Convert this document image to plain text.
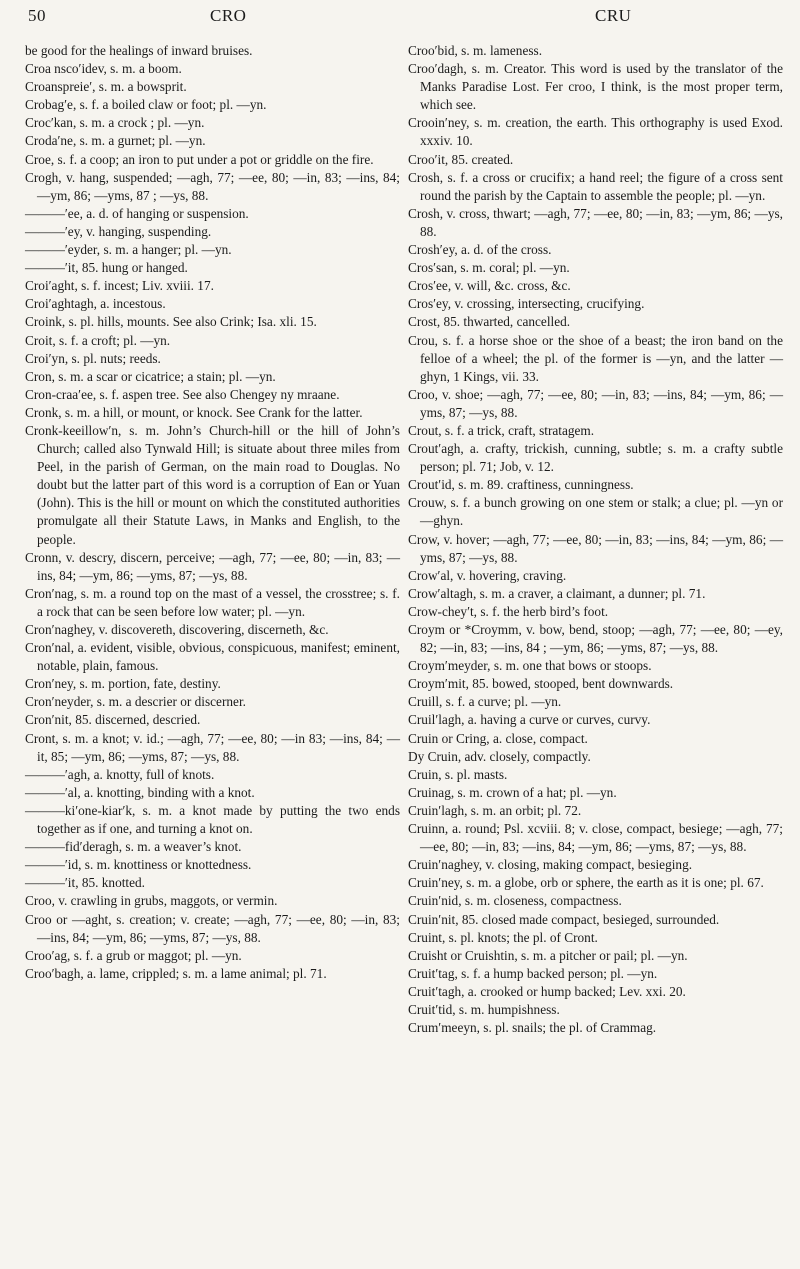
50	CRO	CRU

be good for the healings of inward bruises.

Croa nsco′idev, s. m. a boom.

Croanspreie′, s. m. a bowsprit.

Crobag′e, s. f. a boiled claw or foot; pl. —yn.

Croc′kan, s. m. a crock ; pl. —yn.

Croda′ne, s. m. a gurnet; pl. —yn.

Croe, s. f. a coop; an iron to put under a pot or griddle on the fire.

Crogh, v. hang, suspended; —agh, 77; —ee, 80; —in, 83; —ins, 84; —ym, 86; —yms, 87 ; —ys, 88.

———′ee, a. d. of hanging or suspension.

———′ey, v. hanging, suspending.

———′eyder, s. m. a hanger; pl. —yn.

———′it, 85. hung or hanged.

Croi′aght, s. f. incest; Liv. xviii. 17.

Croi′aghtagh, a. incestous.

Croink, s. pl. hills, mounts. See also Crink; Isa. xli. 15.

Croit, s. f. a croft; pl. —yn.

Croi′yn, s. pl. nuts; reeds.

Cron, s. m. a scar or cicatrice; a stain; pl. —yn.

Cron-craa′ee, s. f. aspen tree. See also Chengey ny mraane.

Cronk, s. m. a hill, or mount, or knock. See Crank for the latter.

Cronk-keeillow′n, s. m. John’s Church-hill or the hill of John’s Church; called also Tynwald Hill; is situate about three miles from Peel, in the parish of German, on the main road to Douglas. No doubt but the latter part of this word is a corruption of Ean or Yuan (John). This is the hill or mount on which the constituted authorities promulgate all their Statute Laws, in Manks and English, to the people.

Cronn, v. descry, discern, perceive; —agh, 77; —ee, 80; —in, 83; —ins, 84; —ym, 86; —yms, 87; —ys, 88.

Cron′nag, s. m. a round top on the mast of a vessel, the crosstree; s. f. a rock that can be seen before low water; pl. —yn.

Cron′naghey, v. discovereth, discovering, discerneth, &c.

Cron′nal, a. evident, visible, obvious, conspicuous, manifest; eminent, notable, plain, famous.

Cron′ney, s. m. portion, fate, destiny.

Cron′neyder, s. m. a descrier or discerner.

Cron′nit, 85. discerned, descried.

Cront, s. m. a knot; v. id.; —agh, 77; —ee, 80; —in 83; —ins, 84; —it, 85; —ym, 86; —yms, 87; —ys, 88.

———′agh, a. knotty, full of knots.

———′al, a. knotting, binding with a knot.

———ki′one-kiar′k, s. m. a knot made by putting the two ends together as if one, and turning a knot on.

———fid′deragh, s. m. a weaver’s knot.

———′id, s. m. knottiness or knottedness.

———′it, 85. knotted.

Croo, v. crawling in grubs, maggots, or vermin.

Croo or —aght, s. creation; v. create; —agh, 77; —ee, 80; —in, 83; —ins, 84; —ym, 86; —yms, 87; —ys, 88.

Croo′ag, s. f. a grub or maggot; pl. —yn.

Croo′bagh, a. lame, crippled; s. m. a lame animal; pl. 71.

Croo′bid, s. m. lameness.

Croo′dagh, s. m. Creator. This word is used by the translator of the Manks Paradise Lost. Fer croo, I think, is the most proper term, which see.

Crooin′ney, s. m. creation, the earth. This orthography is used Exod. xxxiv. 10.

Croo′it, 85. created.

Crosh, s. f. a cross or crucifix; a hand reel; the figure of a cross sent round the parish by the Captain to assemble the people; pl. —yn.

Crosh, v. cross, thwart; —agh, 77; —ee, 80; —in, 83; —ym, 86; —ys, 88.

Crosh′ey, a. d. of the cross.

Cros′san, s. m. coral; pl. —yn.

Cros′ee, v. will, &c. cross, &c.

Cros′ey, v. crossing, intersecting, crucifying.

Crost, 85. thwarted, cancelled.

Crou, s. f. a horse shoe or the shoe of a beast; the iron band on the felloe of a wheel; the pl. of the former is —yn, and the latter —ghyn, 1 Kings, vii. 33.

Croo, v. shoe; —agh, 77; —ee, 80; —in, 83; —ins, 84; —ym, 86; —yms, 87; —ys, 88.

Crout, s. f. a trick, craft, stratagem.

Crout′agh, a. crafty, trickish, cunning, subtle; s. m. a crafty subtle person; pl. 71; Job, v. 12.

Crout′id, s. m. 89. craftiness, cunningness.

Crouw, s. f. a bunch growing on one stem or stalk; a clue; pl. —yn or —ghyn.

Crow, v. hover; —agh, 77; —ee, 80; —in, 83; —ins, 84; —ym, 86; —yms, 87; —ys, 88.

Crow′al, v. hovering, craving.

Crow′altagh, s. m. a craver, a claimant, a dunner; pl. 71.

Crow-chey′t, s. f. the herb bird’s foot.

Croym or *Croymm, v. bow, bend, stoop; —agh, 77; —ee, 80; —ey, 82; —in, 83; —ins, 84 ; —ym, 86; —yms, 87; —ys, 88.

Croym′meyder, s. m. one that bows or stoops.

Croym′mit, 85. bowed, stooped, bent downwards.

Cruill, s. f. a curve; pl. —yn.

Cruil′lagh, a. having a curve or curves, curvy.

Cruin or Cring, a. close, compact.

Dy Cruin, adv. closely, compactly.

Cruin, s. pl. masts.

Cruinag, s. m. crown of a hat; pl. —yn.

Cruin′lagh, s. m. an orbit; pl. 72.

Cruinn, a. round; Psl. xcviii. 8; v. close, compact, besiege; —agh, 77; —ee, 80; —in, 83; —ins, 84; —ym, 86; —yms, 87; —ys, 88.

Cruin′naghey, v. closing, making compact, besieging.

Cruin′ney, s. m. a globe, orb or sphere, the earth as it is one; pl. 67.

Cruin′nid, s. m. closeness, compactness.

Cruin′nit, 85. closed made compact, besieged, surrounded.

Cruint, s. pl. knots; the pl. of Cront.

Cruisht or Cruishtin, s. m. a pitcher or pail; pl. —yn.

Cruit′tag, s. f. a hump backed person; pl. —yn.

Cruit′tagh, a. crooked or hump backed; Lev. xxi. 20.

Cruit′tid, s. m. humpishness.

Crum′meeyn, s. pl. snails; the pl. of Crammag.
